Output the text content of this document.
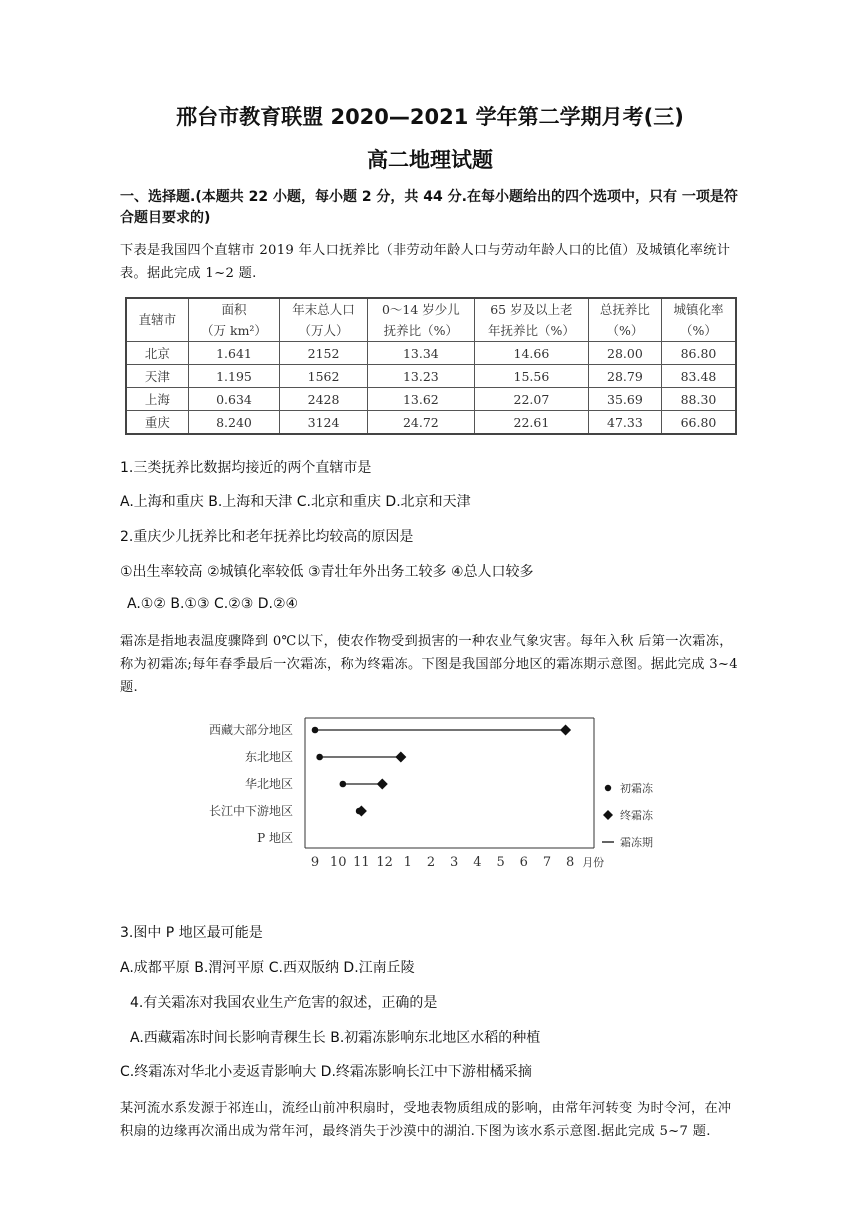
邢台市教育联盟 2020—2021 学年第二学期月考(三)
高二地理试题
一、选择题.(本题共 22 小题，每小题 2 分，共 44 分.在每小题给出的四个选项中，只有 一项是符合题目要求的)
下表是我国四个直辖市 2019 年人口抚养比（非劳动年龄人口与劳动年龄人口的比值）及城镇化率统计表。据此完成 1~2 题.
直辖市	面积	年末总人口	0～14 岁少儿	65 岁及以上老	总抚养比	城镇化率
	（万 km²）	（万人）	抚养比（%）	年抚养比（%）	（%）	（%）
北京	1.641	2152	13.34	14.66	28.00	86.80
天津	1.195	1562	13.23	15.56	28.79	83.48
上海	0.634	2428	13.62	22.07	35.69	88.30
重庆	8.240	3124	24.72	22.61	47.33	66.80
1.三类抚养比数据均接近的两个直辖市是
A.上海和重庆 B.上海和天津 C.北京和重庆 D.北京和天津
2.重庆少儿抚养比和老年抚养比均较高的原因是
①出生率较高 ②城镇化率较低 ③青壮年外出务工较多 ④总人口较多
A.①② B.①③ C.②③ D.②④
霜冻是指地表温度骤降到 0℃以下，使农作物受到损害的一种农业气象灾害。每年入秋 后第一次霜冻，称为初霜冻;每年春季最后一次霜冻，称为终霜冻。下图是我国部分地区的霜冻期示意图。据此完成 3~4 题.
西藏大部分地区
东北地区
华北地区
长江中下游地区
P 地区
9 10 11 12 1 2 3 4 5 6 7 8 月份
初霜冻
终霜冻
霜冻期
3.图中 P 地区最可能是
A.成都平原 B.渭河平原 C.西双版纳 D.江南丘陵
4.有关霜冻对我国农业生产危害的叙述，正确的是
A.西藏霜冻时间长影响青稞生长 B.初霜冻影响东北地区水稻的种植
C.终霜冻对华北小麦返青影响大 D.终霜冻影响长江中下游柑橘采摘
某河流水系发源于祁连山，流经山前冲积扇时，受地表物质组成的影响，由常年河转变 为时令河，在冲积扇的边缘再次涌出成为常年河，最终消失于沙漠中的湖泊.下图为该水系示意图.据此完成 5~7 题.
